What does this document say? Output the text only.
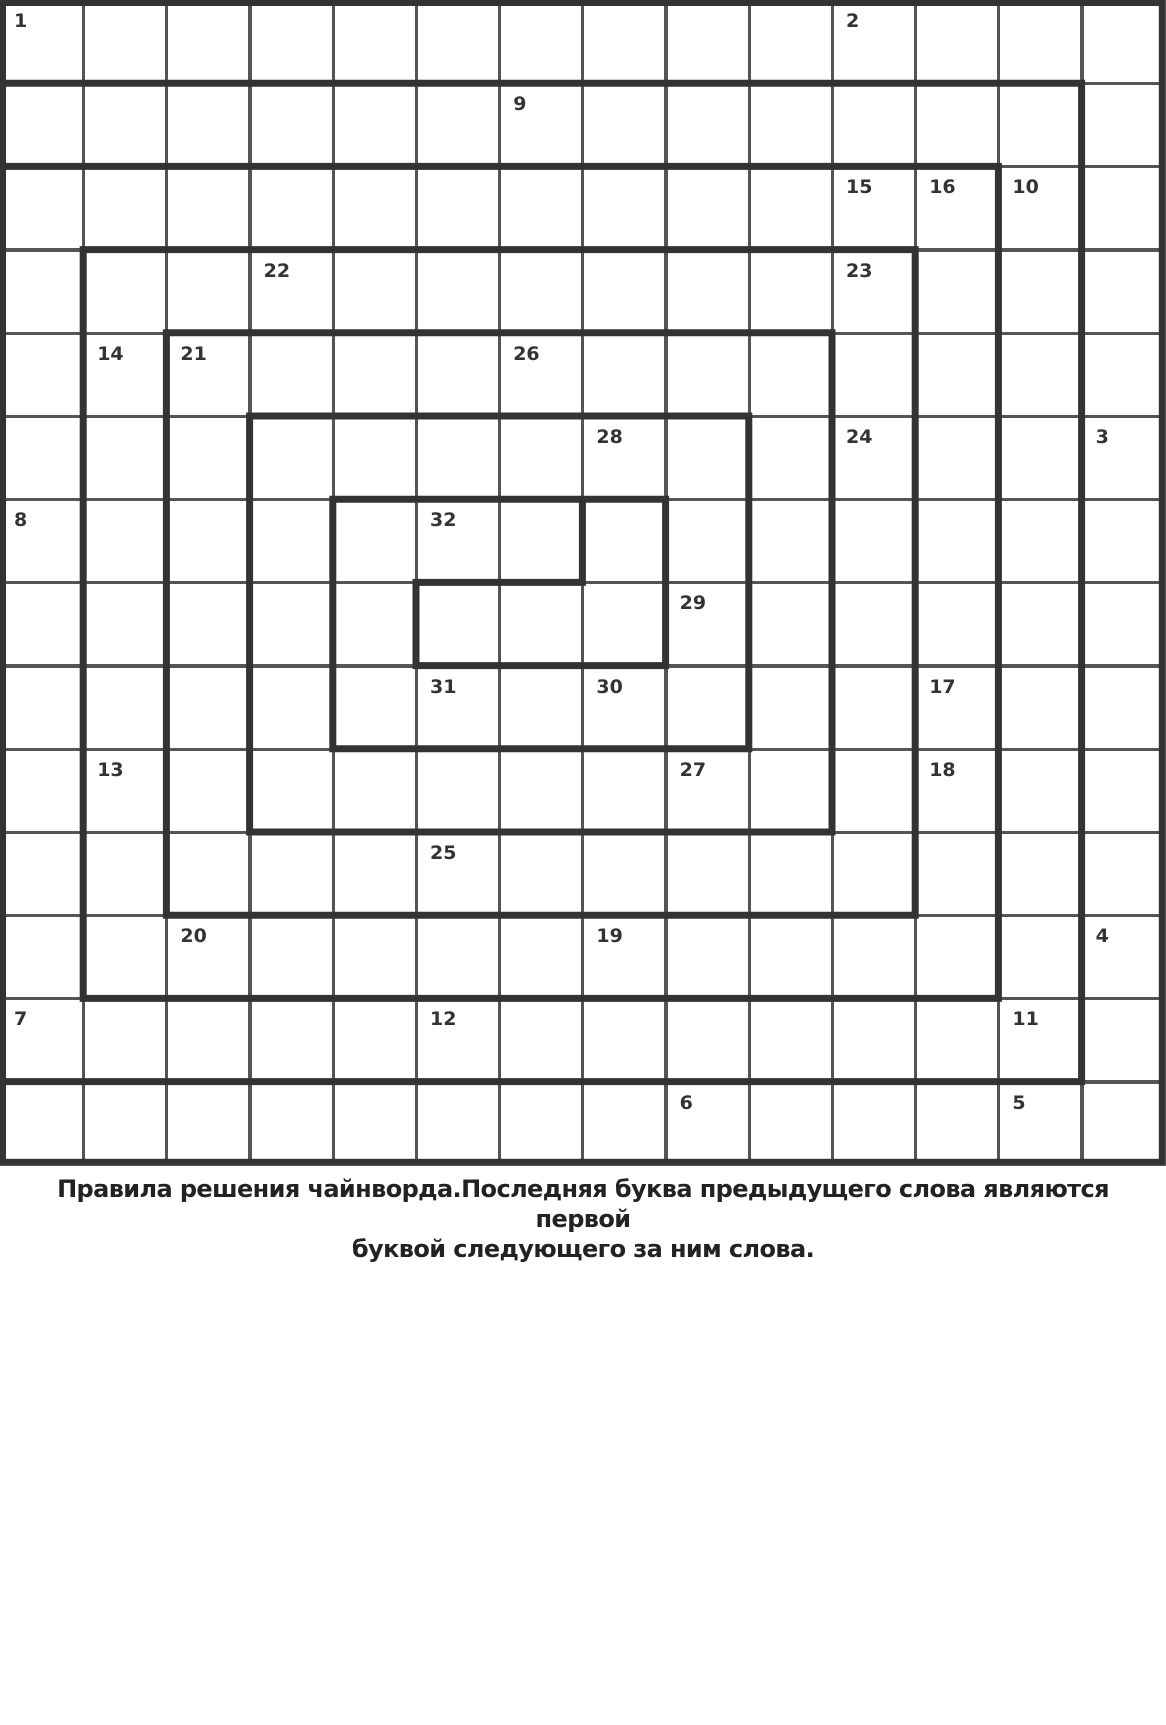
1	2
9
15	16	10
22	23
14	21	26
28	24	3
8	32
29
31	30	17
13	27	18
25
20	19	4
7	12	11
6	5

Правила решения чайнворда.Последняя буква предыдущего слова являются первой
буквой следующего за ним слова.
